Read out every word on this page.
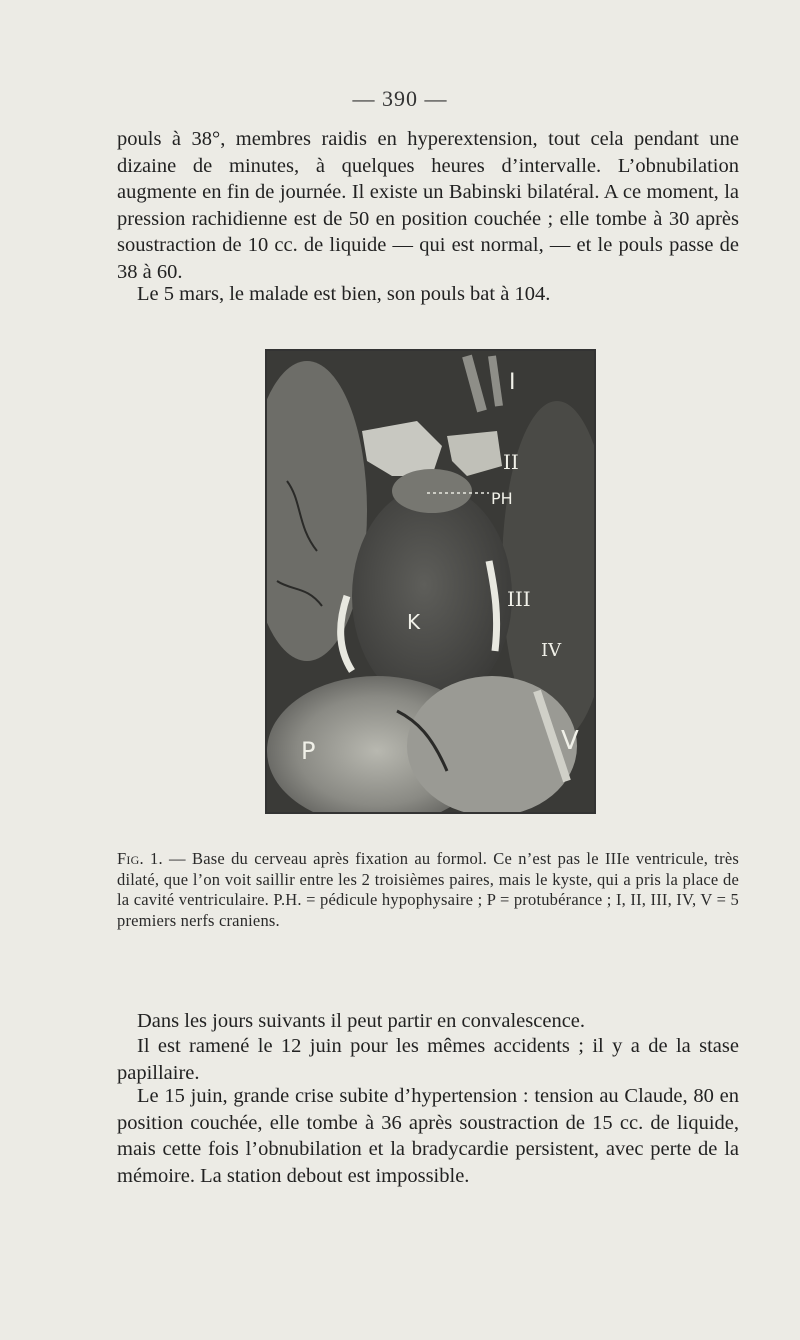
— 390 —

pouls à 38°, membres raidis en hyperextension, tout cela pendant une dizaine de minutes, à quelques heures d’intervalle. L’obnubilation augmente en fin de journée. Il existe un Babinski bilatéral. A ce moment, la pression rachidienne est de 50 en position couchée ; elle tombe à 30 après soustraction de 10 cc. de liquide — qui est normal, — et le pouls passe de 38 à 60.

Le 5 mars, le malade est bien, son pouls bat à 104.

I
II
PH
III
IV
K
P	V

Fig. 1. — Base du cerveau après fixation au formol. Ce n’est pas le IIIe ventricule, très dilaté, que l’on voit saillir entre les 2 troisièmes paires, mais le kyste, qui a pris la place de la cavité ventriculaire. P.H. = pédicule hypophysaire ; P = protubérance ; I, II, III, IV, V = 5 premiers nerfs craniens.

Dans les jours suivants il peut partir en convalescence.

Il est ramené le 12 juin pour les mêmes accidents ; il y a de la stase papillaire.

Le 15 juin, grande crise subite d’hypertension : tension au Claude, 80 en position couchée, elle tombe à 36 après soustraction de 15 cc. de liquide, mais cette fois l’obnubilation et la bradycardie persistent, avec perte de la mémoire. La station debout est impossible.
